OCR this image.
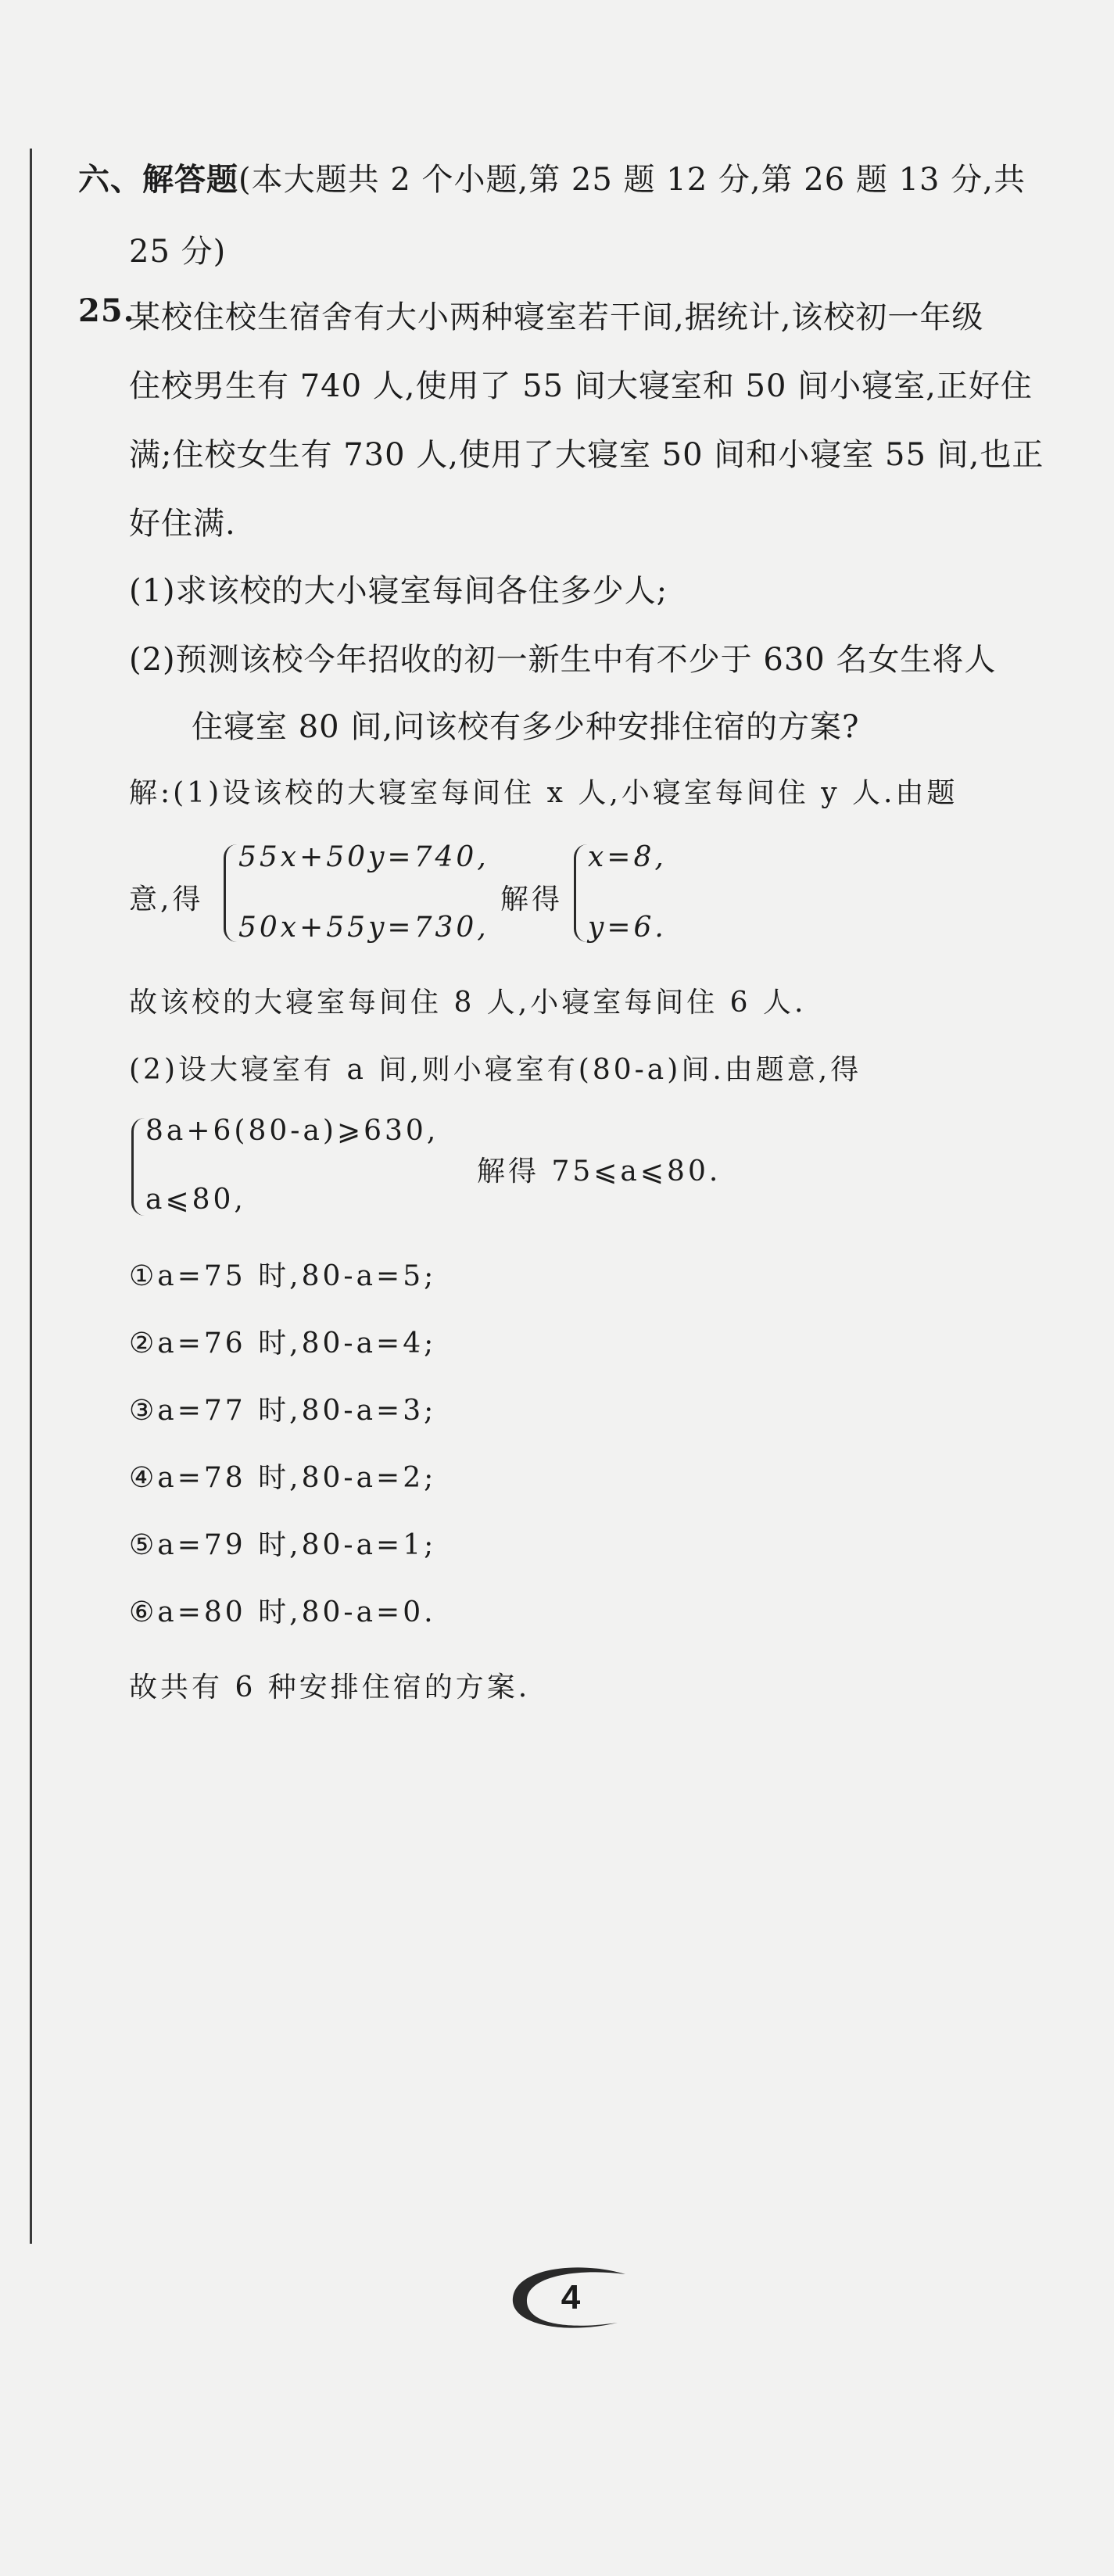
六、解答题(本大题共 2 个小题,第 25 题 12 分,第 26 题 13 分,共
25 分)
25.
某校住校生宿舍有大小两种寝室若干间,据统计,该校初一年级
住校男生有 740 人,使用了 55 间大寝室和 50 间小寝室,正好住
满;住校女生有 730 人,使用了大寝室 50 间和小寝室 55 间,也正
好住满.
(1)求该校的大小寝室每间各住多少人;
(2)预测该校今年招收的初一新生中有不少于 630 名女生将人
住寝室 80 间,问该校有多少种安排住宿的方案?
解:(1)设该校的大寝室每间住 x 人,小寝室每间住 y 人.由题
意,得
55x+50y=740,
50x+55y=730,
解得
x=8,
y=6.
故该校的大寝室每间住 8 人,小寝室每间住 6 人.
(2)设大寝室有 a 间,则小寝室有(80-a)间.由题意,得
8a+6(80-a)⩾630,
a⩽80,
解得 75⩽a⩽80.
①a=75 时,80-a=5;
②a=76 时,80-a=4;
③a=77 时,80-a=3;
④a=78 时,80-a=2;
⑤a=79 时,80-a=1;
⑥a=80 时,80-a=0.
故共有 6 种安排住宿的方案.
4
